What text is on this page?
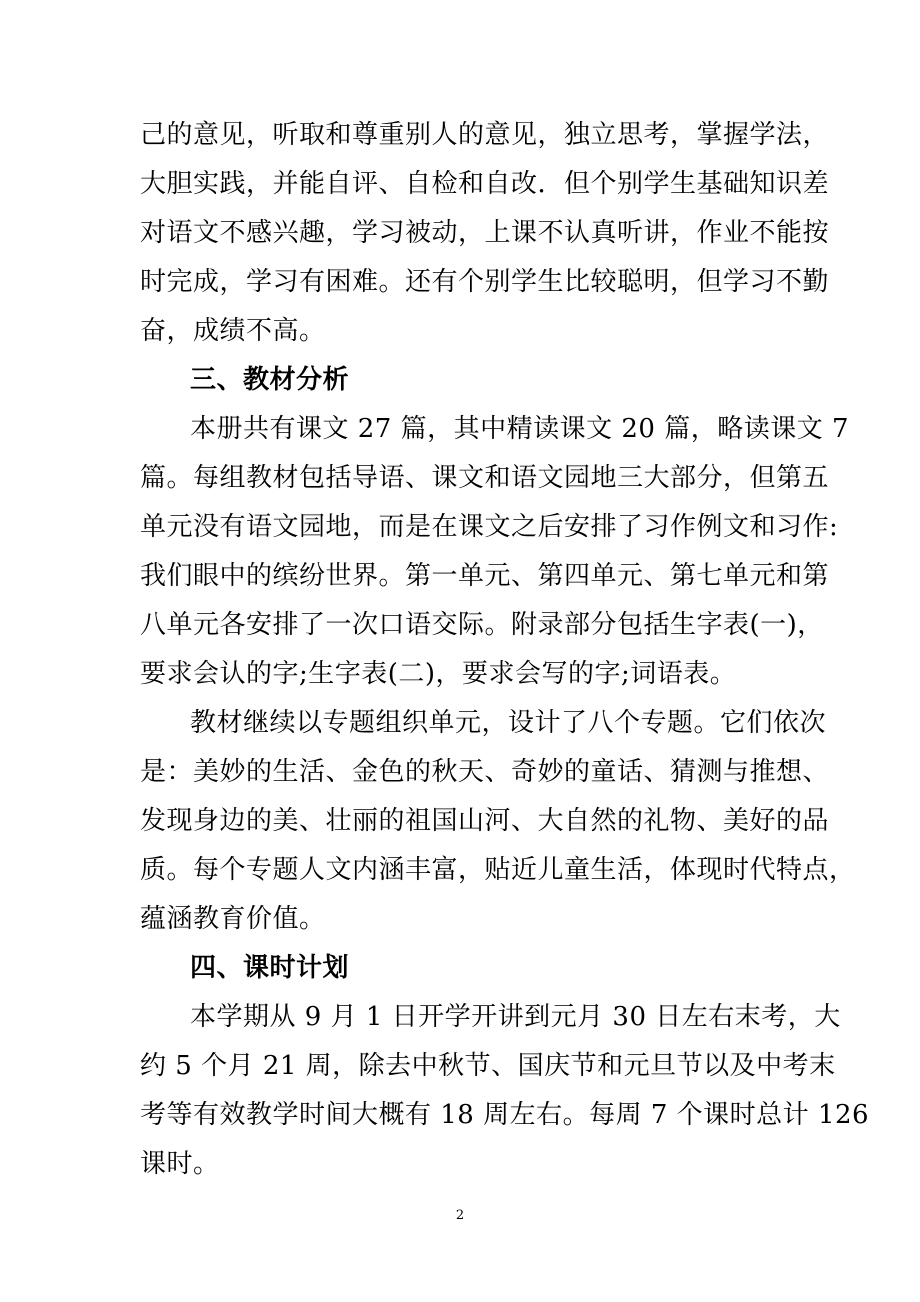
己的意见，听取和尊重别人的意见，独立思考，掌握学法，
大胆实践，并能自评、自检和自改．但个别学生基础知识差
对语文不感兴趣，学习被动，上课不认真听讲，作业不能按
时完成，学习有困难。还有个别学生比较聪明，但学习不勤
奋，成绩不高。
三、教材分析
本册共有课文 27 篇，其中精读课文 20 篇，略读课文 7
篇。每组教材包括导语、课文和语文园地三大部分，但第五
单元没有语文园地，而是在课文之后安排了习作例文和习作:
我们眼中的缤纷世界。第一单元、第四单元、第七单元和第
八单元各安排了一次口语交际。附录部分包括生字表(一)，
要求会认的字;生字表(二)，要求会写的字;词语表。
教材继续以专题组织单元，设计了八个专题。它们依次
是：美妙的生活、金色的秋天、奇妙的童话、猜测与推想、
发现身边的美、壮丽的祖国山河、大自然的礼物、美好的品
质。每个专题人文内涵丰富，贴近儿童生活，体现时代特点，
蕴涵教育价值。
四、课时计划
本学期从 9 月 1 日开学开讲到元月 30 日左右末考，大
约 5 个月 21 周，除去中秋节、国庆节和元旦节以及中考末
考等有效教学时间大概有 18 周左右。每周 7 个课时总计 126
课时。
2
